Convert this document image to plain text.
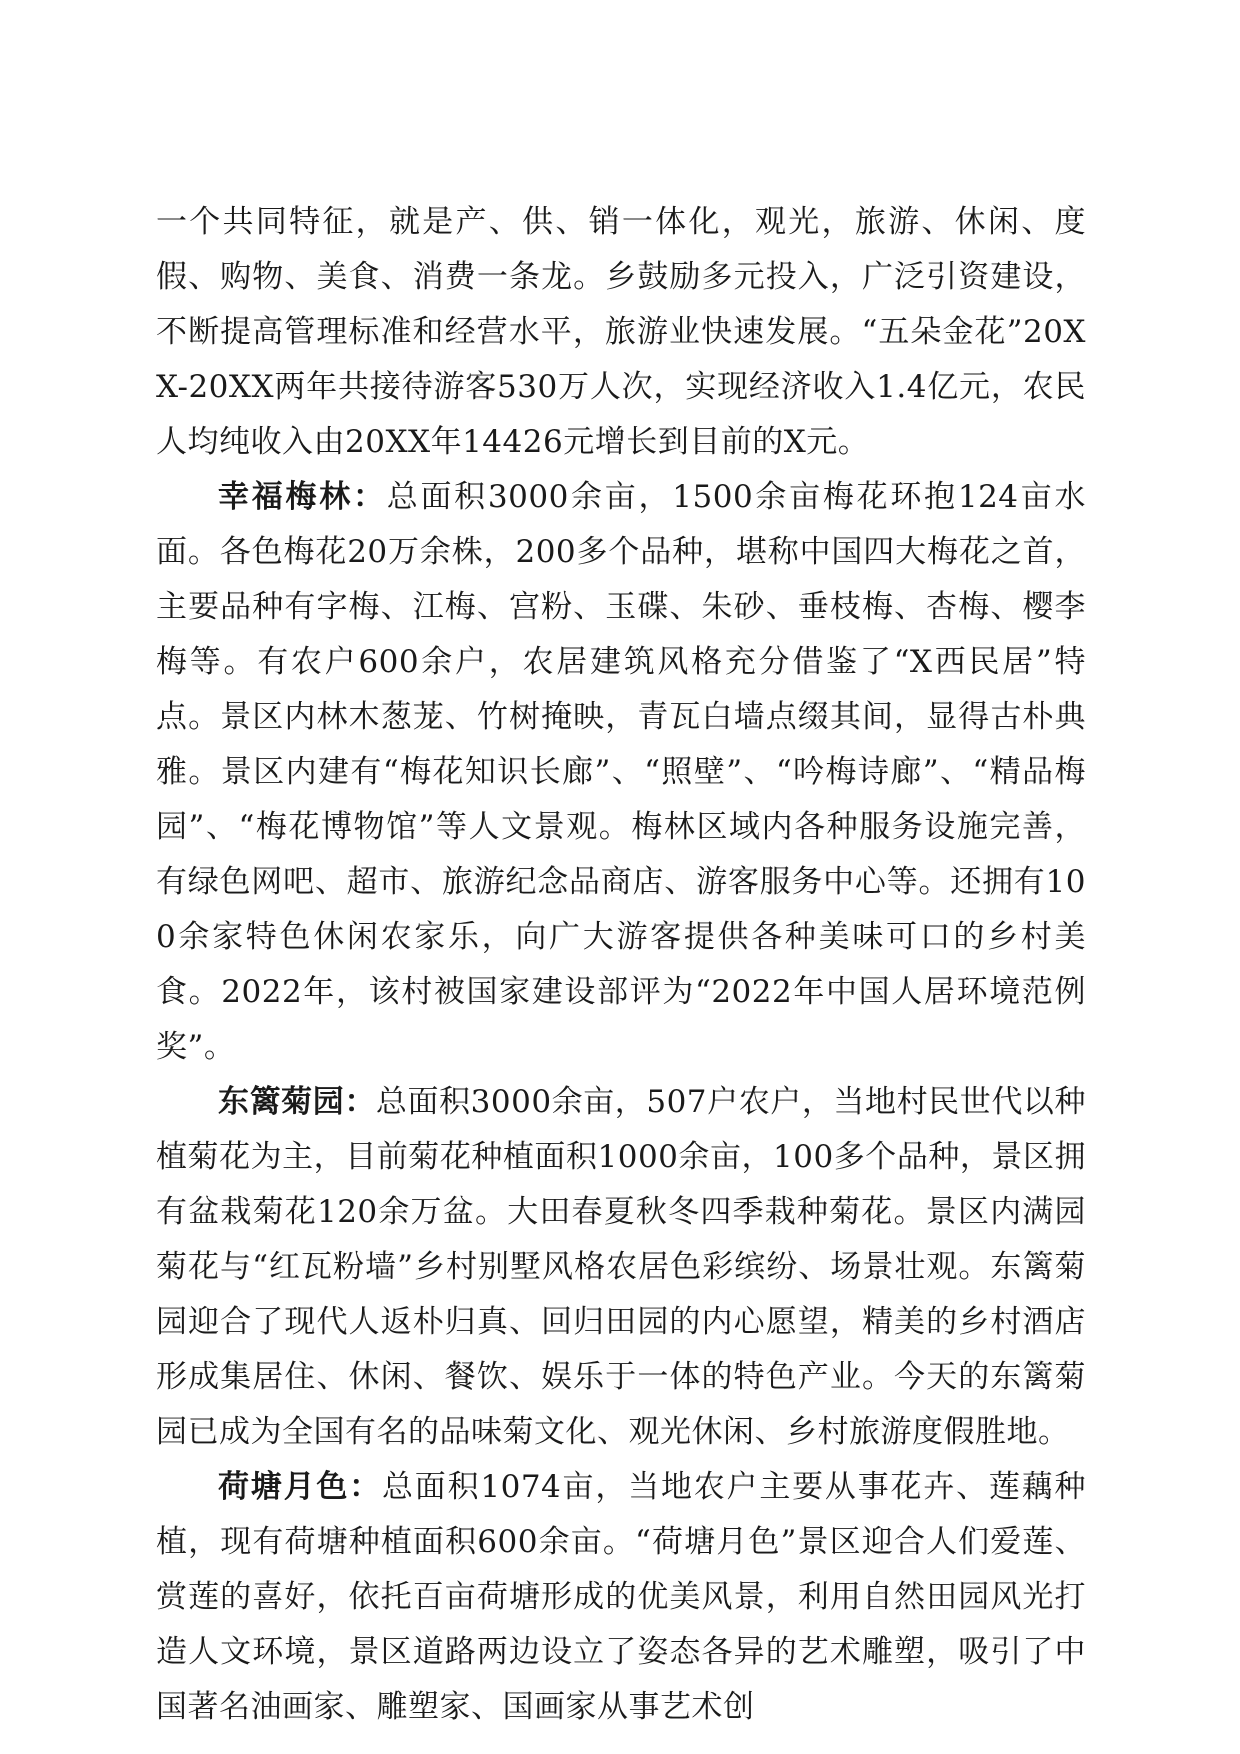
一个共同特征，就是产、供、销一体化，观光，旅游、休闲、度假、购物、美食、消费一条龙。乡鼓励多元投入，广泛引资建设，不断提高管理标准和经营水平，旅游业快速发展。“五朵金花”20XX-20XX两年共接待游客530万人次，实现经济收入1.4亿元，农民人均纯收入由20XX年14426元增长到目前的X元。

幸福梅林：总面积3000余亩，1500余亩梅花环抱124亩水面。各色梅花20万余株，200多个品种，堪称中国四大梅花之首，主要品种有字梅、江梅、宫粉、玉碟、朱砂、垂枝梅、杏梅、樱李梅等。有农户600余户，农居建筑风格充分借鉴了“X西民居”特点。景区内林木葱茏、竹树掩映，青瓦白墙点缀其间，显得古朴典雅。景区内建有“梅花知识长廊”、“照壁”、“吟梅诗廊”、“精品梅园”、“梅花博物馆”等人文景观。梅林区域内各种服务设施完善，有绿色网吧、超市、旅游纪念品商店、游客服务中心等。还拥有100余家特色休闲农家乐，向广大游客提供各种美味可口的乡村美食。2022年，该村被国家建设部评为“2022年中国人居环境范例奖”。

东篱菊园：总面积3000余亩，507户农户，当地村民世代以种植菊花为主，目前菊花种植面积1000余亩，100多个品种，景区拥有盆栽菊花120余万盆。大田春夏秋冬四季栽种菊花。景区内满园菊花与“红瓦粉墙”乡村别墅风格农居色彩缤纷、场景壮观。东篱菊园迎合了现代人返朴归真、回归田园的内心愿望，精美的乡村酒店形成集居住、休闲、餐饮、娱乐于一体的特色产业。今天的东篱菊园已成为全国有名的品味菊文化、观光休闲、乡村旅游度假胜地。

荷塘月色：总面积1074亩，当地农户主要从事花卉、莲藕种植，现有荷塘种植面积600余亩。“荷塘月色”景区迎合人们爱莲、赏莲的喜好，依托百亩荷塘形成的优美风景，利用自然田园风光打造人文环境，景区道路两边设立了姿态各异的艺术雕塑，吸引了中国著名油画家、雕塑家、国画家从事艺术创
